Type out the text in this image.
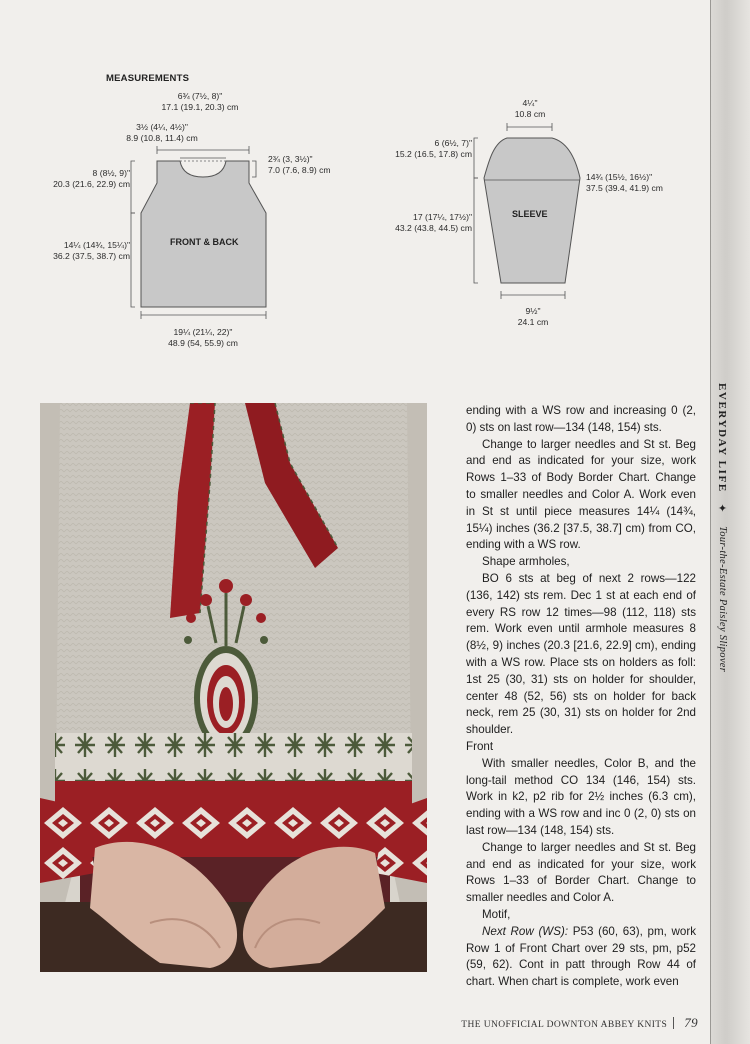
MEASUREMENTS
6¾ (7½, 8)"
17.1 (19.1, 20.3) cm
3½ (4¼, 4½)"
8.9 (10.8, 11.4) cm
2¾ (3, 3½)"
7.0 (7.6, 8.9) cm
8 (8½, 9)"
20.3 (21.6, 22.9) cm
14¼ (14¾, 15¼)"
36.2 (37.5, 38.7) cm
19¼ (21¼, 22)"
48.9 (54, 55.9) cm
FRONT & BACK
4¼"
10.8 cm
6 (6½, 7)"
15.2 (16.5, 17.8) cm
14¾ (15½, 16½)"
37.5 (39.4, 41.9) cm
17 (17¼, 17½)"
43.2 (43.8, 44.5) cm
9½"
24.1 cm
SLEEVE

ending with a WS row and increasing 0 (2, 0) sts on last row—134 (148, 154) sts.

Change to larger needles and St st. Beg and end as indicated for your size, work Rows 1–33 of Body Border Chart. Change to smaller needles and Color A. Work even in St st until piece measures 14¼ (14¾, 15¼) inches (36.2 [37.5, 38.7] cm) from CO, ending with a WS row.

Shape armholes,

BO 6 sts at beg of next 2 rows—122 (136, 142) sts rem. Dec 1 st at each end of every RS row 12 times—98 (112, 118) sts rem. Work even until armhole measures 8 (8½, 9) inches (20.3 [21.6, 22.9] cm), ending with a WS row. Place sts on holders as foll: 1st 25 (30, 31) sts on holder for shoulder, center 48 (52, 56) sts on holder for back neck, rem 25 (30, 31) sts on holder for 2nd shoulder.

Front

With smaller needles, Color B, and the long-tail method CO 134 (146, 154) sts. Work in k2, p2 rib for 2½ inches (6.3 cm), ending with a WS row and inc 0 (2, 0) sts on last row—134 (148, 154) sts.

Change to larger needles and St st. Beg and end as indicated for your size, work Rows 1–33 of Border Chart. Change to smaller needles and Color A.

Motif,

Next Row (WS): P53 (60, 63), pm, work Row 1 of Front Chart over 29 sts, pm, p52 (59, 62). Cont in patt through Row 44 of chart. When chart is complete, work even

EVERYDAY LIFE ✦ Tour-the-Estate Paisley Slipover
THE UNOFFICIAL DOWNTON ABBEY KNITS 79
